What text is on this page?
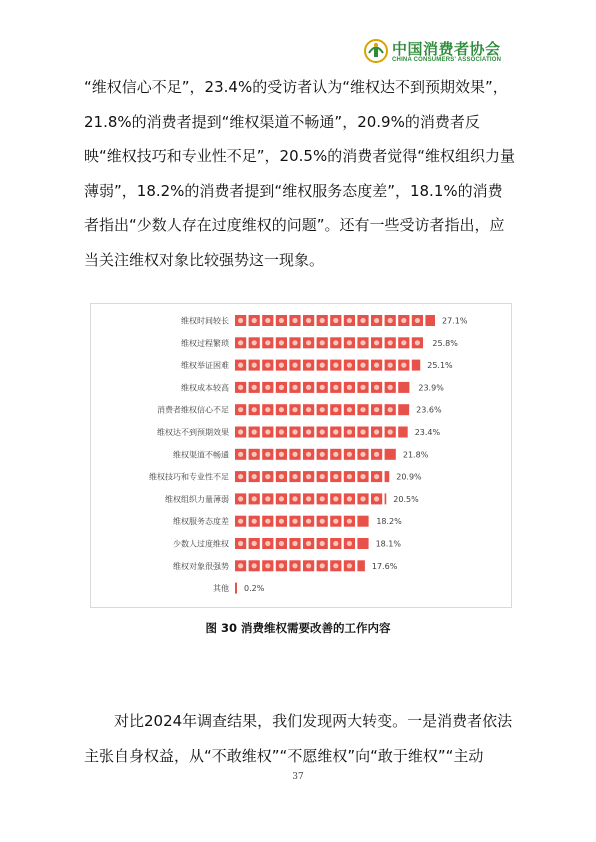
中国消费者协会
CHINA CONSUMERS' ASSOCIATION

“维权信心不足”，23.4%的受访者认为“维权达不到预期效果”，21.8%的消费者提到“维权渠道不畅通”，20.9%的消费者反映“维权技巧和专业性不足”，20.5%的消费者觉得“维权组织力量薄弱”，18.2%的消费者提到“维权服务态度差”，18.1%的消费者指出“少数人存在过度维权的问题”。还有一些受访者指出，应当关注维权对象比较强势这一现象。

维权时间较长	27.1%
维权过程繁琐	25.8%
维权举证困难	25.1%
维权成本较高	23.9%
消费者维权信心不足	23.6%
维权达不到预期效果	23.4%
维权渠道不畅通	21.8%
维权技巧和专业性不足	20.9%
维权组织力量薄弱	20.5%
维权服务态度差	18.2%
少数人过度维权	18.1%
维权对象很强势	17.6%
其他 0.2%
图 30 消费维权需要改善的工作内容

对比2024年调查结果，我们发现两大转变。一是消费者依法主张自身权益，从“不敢维权”“不愿维权”向“敢于维权”“主动

37
